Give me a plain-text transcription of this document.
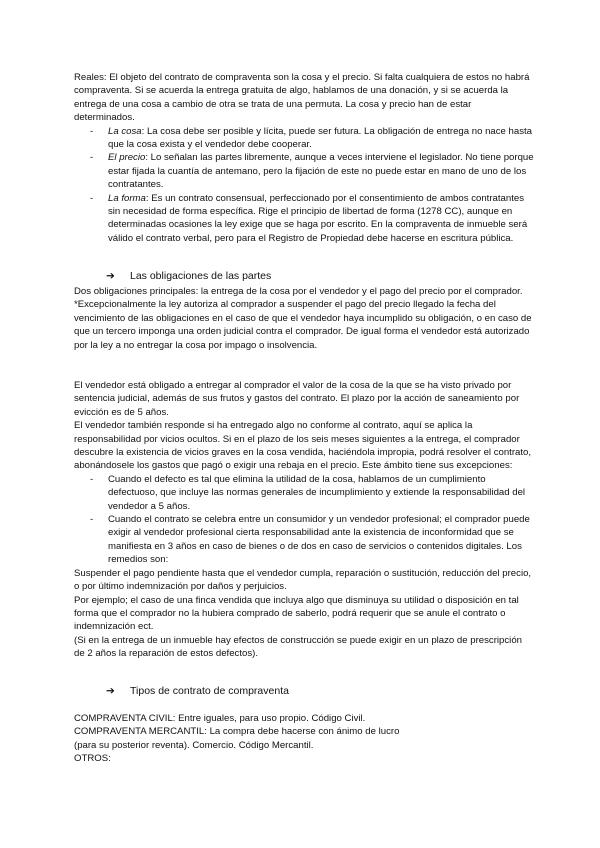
Reales: El objeto del contrato de compraventa son la cosa y el precio. Si falta cualquiera de estos no habrá compraventa. Si se acuerda la entrega gratuita de algo, hablamos de una donación, y si se acuerda la entrega de una cosa a cambio de otra se trata de una permuta. La cosa y precio han de estar determinados.

- La cosa: La cosa debe ser posible y lícita, puede ser futura. La obligación de entrega no nace hasta que la cosa exista y el vendedor debe cooperar.
- El precio: Lo señalan las partes libremente, aunque a veces interviene el legislador. No tiene porque estar fijada la cuantía de antemano, pero la fijación de este no puede estar en mano de uno de los contratantes.
- La forma: Es un contrato consensual, perfeccionado por el consentimiento de ambos contratantes sin necesidad de forma específica. Rige el principio de libertad de forma (1278 CC), aunque en determinadas ocasiones la ley exige que se haga por escrito. En la compraventa de inmueble será válido el contrato verbal, pero para el Registro de Propiedad debe hacerse en escritura pública.
➔ Las obligaciones de las partes

Dos obligaciones principales: la entrega de la cosa por el vendedor y el pago del precio por el comprador.

*Excepcionalmente la ley autoriza al comprador a suspender el pago del precio llegado la fecha del vencimiento de las obligaciones en el caso de que el vendedor haya incumplido su obligación, o en caso de que un tercero imponga una orden judicial contra el comprador. De igual forma el vendedor está autorizado por la ley a no entregar la cosa por impago o insolvencia.

El vendedor está obligado a entregar al comprador el valor de la cosa de la que se ha visto privado por sentencia judicial, además de sus frutos y gastos del contrato. El plazo por la acción de saneamiento por evicción es de 5 años.

El vendedor también responde si ha entregado algo no conforme al contrato, aquí se aplica la responsabilidad por vicios ocultos. Si en el plazo de los seis meses siguientes a la entrega, el comprador descubre la existencia de vicios graves en la cosa vendida, haciéndola impropia, podrá resolver el contrato, abonándosele los gastos que pagó o exigir una rebaja en el precio. Este ámbito tiene sus excepciones:

- Cuando el defecto es tal que elimina la utilidad de la cosa, hablamos de un cumplimiento defectuoso, que incluye las normas generales de incumplimiento y extiende la responsabilidad del vendedor a 5 años.
- Cuando el contrato se celebra entre un consumidor y un vendedor profesional; el comprador puede exigir al vendedor profesional cierta responsabilidad ante la existencia de inconformidad que se manifiesta en 3 años en caso de bienes o de dos en caso de servicios o contenidos digitales. Los remedios son:

Suspender el pago pendiente hasta que el vendedor cumpla, reparación o sustitución, reducción del precio, o por último indemnización por daños y perjuicios.

Por ejemplo; el caso de una finca vendida que incluya algo que disminuya su utilidad o disposición en tal forma que el comprador no la hubiera comprado de saberlo, podrá requerir que se anule el contrato o indemnización ect.

(Si en la entrega de un inmueble hay efectos de construcción se puede exigir en un plazo de prescripción de 2 años la reparación de estos defectos).

➔ Tipos de contrato de compraventa

COMPRAVENTA CIVIL: Entre iguales, para uso propio. Código Civil.

COMPRAVENTA MERCANTIL: La compra debe hacerse con ánimo de lucro

(para su posterior reventa). Comercio. Código Mercantil.

OTROS:
